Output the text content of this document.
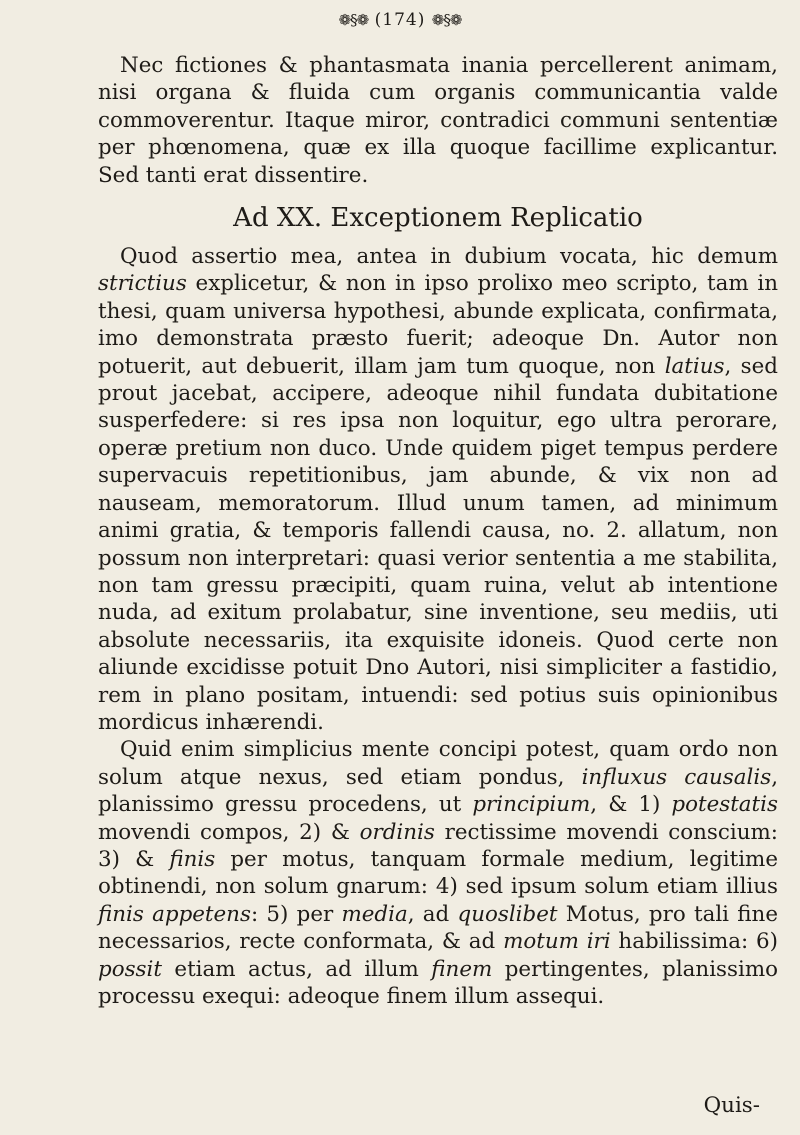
❁§❁ (174) ❁§❁

Nec fictiones & phantasmata inania percellerent animam, nisi organa & fluida cum organis communicantia valde commoverentur. Itaque miror, contradici communi sententiæ per phœnomena, quæ ex illa quoque facillime explicantur. Sed tanti erat dissentire.

Ad XX. Exceptionem Replicatio

Quod assertio mea, antea in dubium vocata, hic demum strictius explicetur, & non in ipso prolixo meo scripto, tam in thesi, quam universa hypothesi, abunde explicata, confirmata, imo demonstrata præsto fuerit; adeoque Dn. Autor non potuerit, aut debuerit, illam jam tum quoque, non latius, sed prout jacebat, accipere, adeoque nihil fundata dubitatione susperfedere: si res ipsa non loquitur, ego ultra perorare, operæ pretium non duco. Unde quidem piget tempus perdere supervacuis repetitionibus, jam abunde, & vix non ad nauseam, memoratorum. Illud unum tamen, ad minimum animi gratia, & temporis fallendi causa, no. 2. allatum, non possum non interpretari: quasi verior sententia a me stabilita, non tam gressu præcipiti, quam ruina, velut ab intentione nuda, ad exitum prolabatur, sine inventione, seu mediis, uti absolute necessariis, ita exquisite idoneis. Quod certe non aliunde excidisse potuit Dno Autori, nisi simpliciter a fastidio, rem in plano positam, intuendi: sed potius suis opinionibus mordicus inhærendi.

Quid enim simplicius mente concipi potest, quam ordo non solum atque nexus, sed etiam pondus, influxus causalis, planissimo gressu procedens, ut principium, & 1) potestatis movendi compos, 2) & ordinis rectissime movendi conscium: 3) & finis per motus, tanquam formale medium, legitime obtinendi, non solum gnarum: 4) sed ipsum solum etiam illius finis appetens: 5) per media, ad quoslibet Motus, pro tali fine necessarios, recte conformata, & ad motum iri habilissima: 6) possit etiam actus, ad illum finem pertingentes, planissimo processu exequi: adeoque finem illum assequi.

Quis-
